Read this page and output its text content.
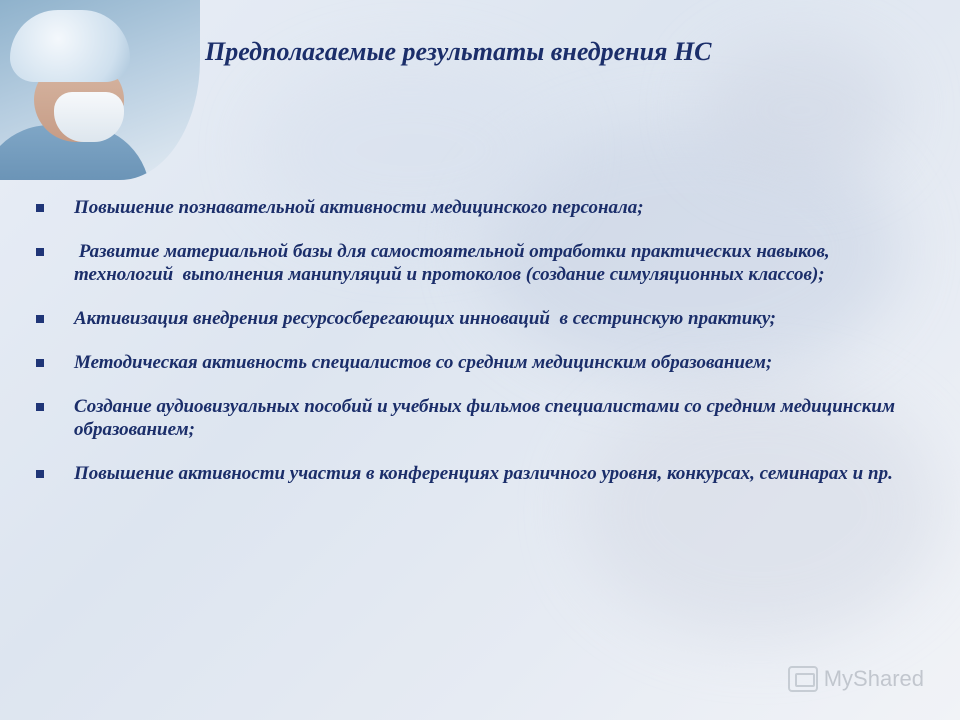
Предполагаемые результаты внедрения НС
Повышение познавательной активности медицинского персонала;
Развитие материальной базы для самостоятельной отработки практических навыков,  технологий  выполнения манипуляций и протоколов (создание симуляционных классов);
Активизация внедрения ресурсосберегающих инноваций  в сестринскую практику;
Методическая активность специалистов со средним медицинским образованием;
Создание аудиовизуальных пособий и учебных фильмов специалистами со средним медицинским образованием;
Повышение активности участия в конференциях различного уровня, конкурсах, семинарах и пр.
MyShared
